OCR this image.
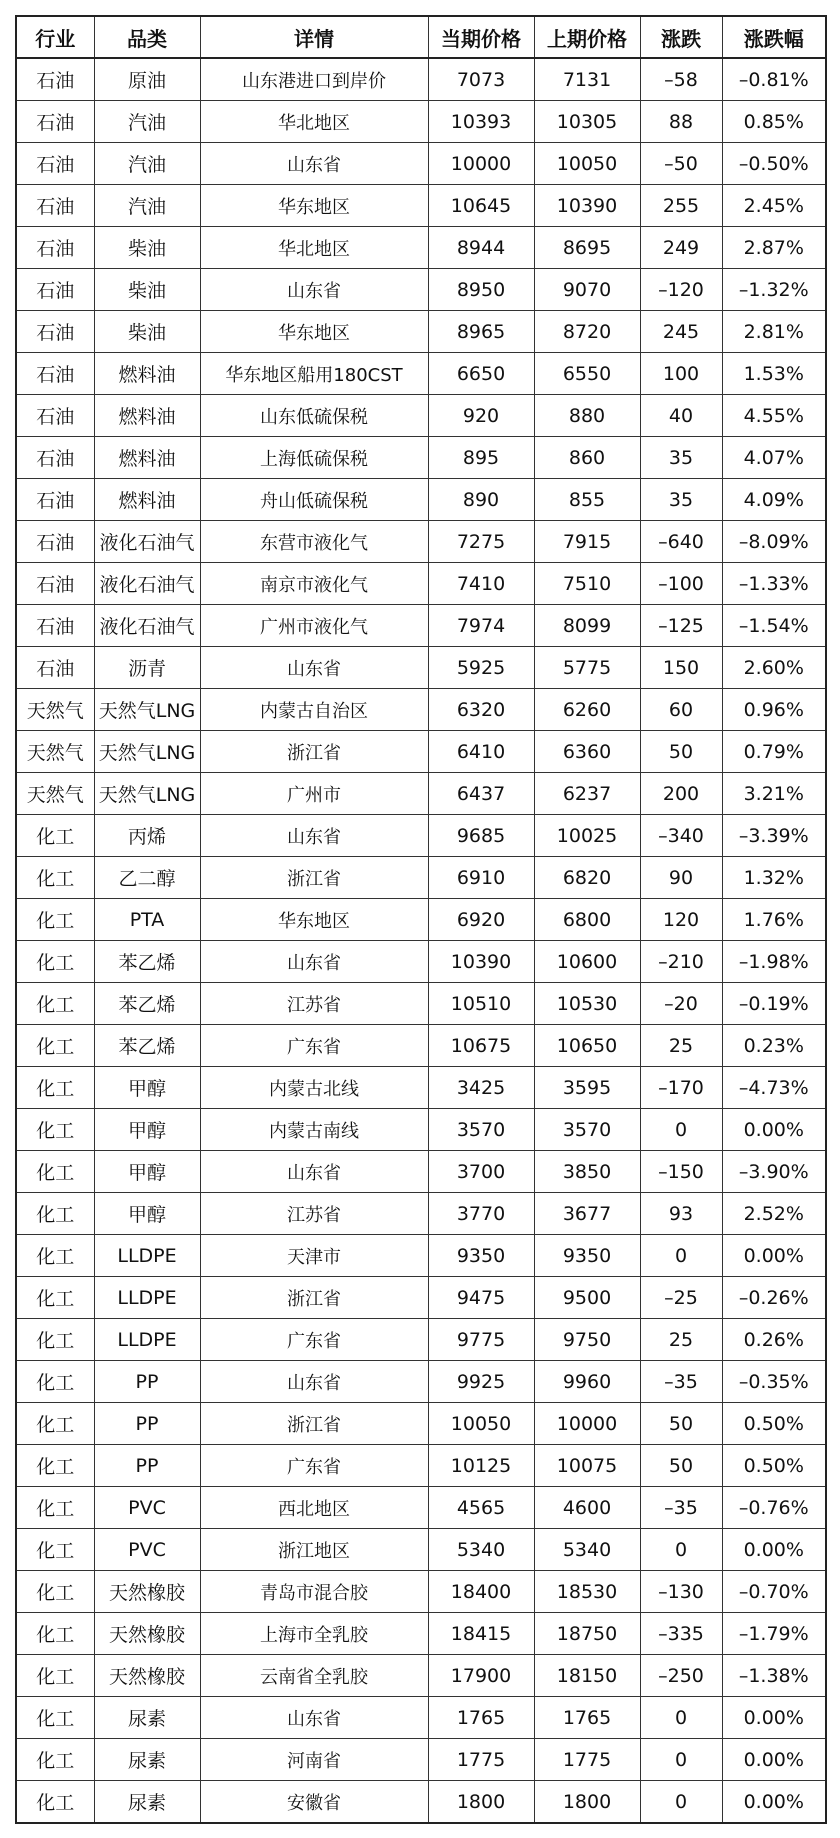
行业	品类	详情	当期价格	上期价格	涨跌	涨跌幅
石油	原油	山东港进口到岸价	7073	7131	–58	–0.81%
石油	汽油	华北地区	10393	10305	88	0.85%
石油	汽油	山东省	10000	10050	–50	–0.50%
石油	汽油	华东地区	10645	10390	255	2.45%
石油	柴油	华北地区	8944	8695	249	2.87%
石油	柴油	山东省	8950	9070	–120	–1.32%
石油	柴油	华东地区	8965	8720	245	2.81%
石油	燃料油	华东地区船用180CST	6650	6550	100	1.53%
石油	燃料油	山东低硫保税	920	880	40	4.55%
石油	燃料油	上海低硫保税	895	860	35	4.07%
石油	燃料油	舟山低硫保税	890	855	35	4.09%
石油	液化石油气	东营市液化气	7275	7915	–640	–8.09%
石油	液化石油气	南京市液化气	7410	7510	–100	–1.33%
石油	液化石油气	广州市液化气	7974	8099	–125	–1.54%
石油	沥青	山东省	5925	5775	150	2.60%
天然气	天然气LNG	内蒙古自治区	6320	6260	60	0.96%
天然气	天然气LNG	浙江省	6410	6360	50	0.79%
天然气	天然气LNG	广州市	6437	6237	200	3.21%
化工	丙烯	山东省	9685	10025	–340	–3.39%
化工	乙二醇	浙江省	6910	6820	90	1.32%
化工	PTA	华东地区	6920	6800	120	1.76%
化工	苯乙烯	山东省	10390	10600	–210	–1.98%
化工	苯乙烯	江苏省	10510	10530	–20	–0.19%
化工	苯乙烯	广东省	10675	10650	25	0.23%
化工	甲醇	内蒙古北线	3425	3595	–170	–4.73%
化工	甲醇	内蒙古南线	3570	3570	0	0.00%
化工	甲醇	山东省	3700	3850	–150	–3.90%
化工	甲醇	江苏省	3770	3677	93	2.52%
化工	LLDPE	天津市	9350	9350	0	0.00%
化工	LLDPE	浙江省	9475	9500	–25	–0.26%
化工	LLDPE	广东省	9775	9750	25	0.26%
化工	PP	山东省	9925	9960	–35	–0.35%
化工	PP	浙江省	10050	10000	50	0.50%
化工	PP	广东省	10125	10075	50	0.50%
化工	PVC	西北地区	4565	4600	–35	–0.76%
化工	PVC	浙江地区	5340	5340	0	0.00%
化工	天然橡胶	青岛市混合胶	18400	18530	–130	–0.70%
化工	天然橡胶	上海市全乳胶	18415	18750	–335	–1.79%
化工	天然橡胶	云南省全乳胶	17900	18150	–250	–1.38%
化工	尿素	山东省	1765	1765	0	0.00%
化工	尿素	河南省	1775	1775	0	0.00%
化工	尿素	安徽省	1800	1800	0	0.00%
